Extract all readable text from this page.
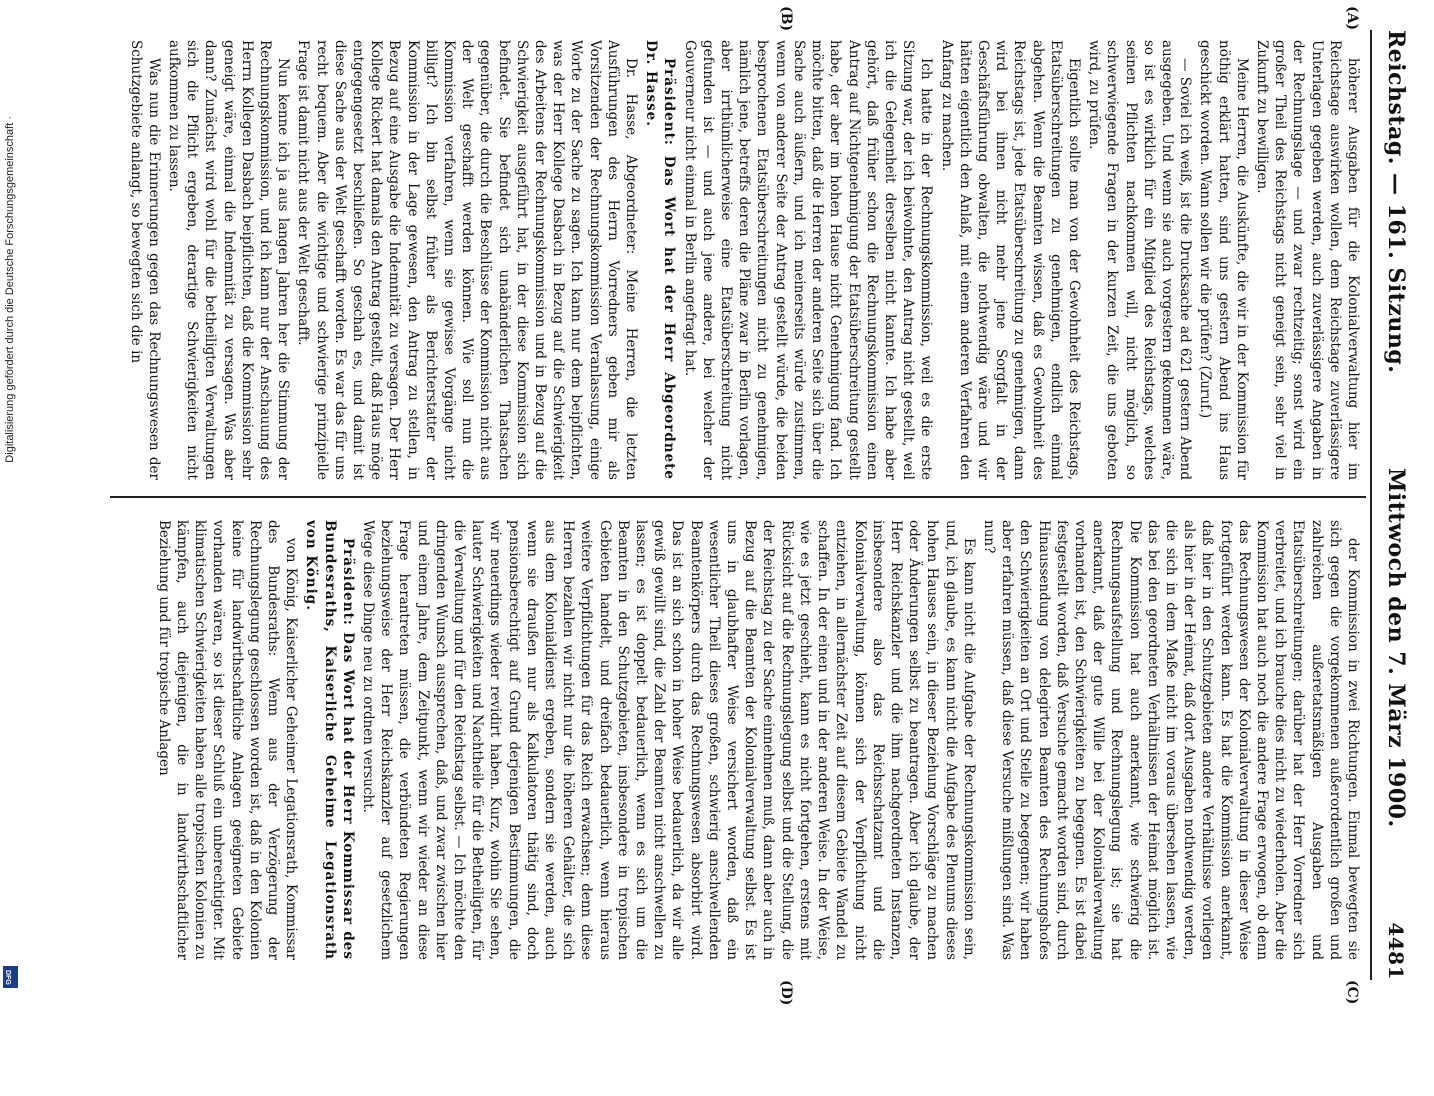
Reichstag. — 161. Sitzung.
Mittwoch den 7. März 1900.
4481
(A)
(B)
(C)
(D)

höherer Ausgaben für die Kolonialverwaltung hier im Reichstage auswirken wollen, dem Reichstage zuverlässigere Unterlagen gegeben werden, auch zuverlässigere Angaben in der Rechnungslage — und zwar rechtzeitig; sonst wird ein großer Theil des Reichstags nicht geneigt sein, sehr viel in Zukunft zu bewilligen.

Meine Herren, die Auskünfte, die wir in der Kommission für nöthig erklärt hatten, sind uns gestern Abend ins Haus geschickt worden. Wann sollen wir die prüfen? (Zuruf.)

— Soviel ich weiß, ist die Drucksache ad 621 gestern Abend ausgegeben. Und wenn sie auch vorgestern gekommen wäre, so ist es wirklich für ein Mitglied des Reichstags, welches seinen Pflichten nachkommen will, nicht möglich, so schwerwiegende Fragen in der kurzen Zeit, die uns geboten wird, zu prüfen.

Eigentlich sollte man von der Gewohnheit des Reichstags, Etatsüberschreitungen zu genehmigen, endlich einmal abgehen. Wenn die Beamten wissen, daß es Gewohnheit des Reichstags ist, jede Etatsüberschreitung zu genehmigen, dann wird bei ihnen nicht mehr jene Sorgfalt in der Geschäftsführung obwalten, die nothwendig wäre und wir hätten eigentlich den Anlaß, mit einem anderen Verfahren den Anfang zu machen.

Ich hatte in der Rechnungskommission, weil es die erste Sitzung war, der ich beiwohnte, den Antrag nicht gestellt, weil ich die Gelegenheit derselben nicht kannte. Ich habe aber gehört, daß früher schon die Rechnungskommission einen Antrag auf Nichtgenehmigung der Etatsüberschreitung gestellt habe, der aber im hohen Hause nicht Genehmigung fand. Ich möchte bitten, daß die Herren der anderen Seite sich über die Sache auch äußern, und ich meinerseits würde zustimmen, wenn von anderer Seite der Antrag gestellt würde, die beiden besprochenen Etatsüberschreitungen nicht zu genehmigen, nämlich jene, betreffs deren die Pläne zwar in Berlin vorlagen, aber irrthümlicherweise eine Etatsüberschreitung nicht gefunden ist — und auch jene andere, bei welcher der Gouverneur nicht einmal in Berlin angefragt hat.

Präsident: Das Wort hat der Herr Abgeordnete Dr. Hasse.

Dr. Hasse, Abgeordneter: Meine Herren, die letzten Ausführungen des Herrn Vorredners geben mir als Vorsitzenden der Rechnungskommission Veranlassung, einige Worte zu der Sache zu sagen. Ich kann nur dem beipflichten, was der Herr Kollege Dasbach in Bezug auf die Schwierigkeit des Arbeitens der Rechnungskommission und in Bezug auf die Schwierigkeit ausgeführt hat, in der diese Kommission sich befindet. Sie befindet sich unabänderlichen Thatsachen gegenüber, die durch die Beschlüsse der Kommission nicht aus der Welt geschafft werden können. Wie soll nun die Kommission verfahren, wenn sie gewisse Vorgänge nicht billigt? Ich bin selbst früher als Berichterstatter der Kommission in der Lage gewesen, den Antrag zu stellen, in Bezug auf eine Ausgabe die Indemnität zu versagen. Der Herr Kollege Rickert hat damals den Antrag gestellt, daß Haus möge entgegengesetzt beschließen. So geschah es, und damit ist diese Sache aus der Welt geschafft worden. Es war das für uns recht bequem. Aber die wichtige und schwierige prinzipielle Frage ist damit nicht aus der Welt geschafft.

Nun kenne ich ja aus langen Jahren her die Stimmung der Rechnungskommission, und ich kann nur der Anschauung des Herrn Kollegen Dasbach beipflichten, daß die Kommission sehr geneigt wäre, einmal die Indemnität zu versagen. Was aber dann? Zunächst wird wohl für die betheiligten Verwaltungen sich die Pflicht ergeben, derartige Schwierigkeiten nicht aufkommen zu lassen.

Was nun die Erinnerungen gegen das Rechnungswesen der Schutzgebiete anlangt, so bewegten sich die in

der Kommission in zwei Richtungen. Einmal bewegten sie sich gegen die vorgekommenen außerordentlich großen und zahlreichen außeretatsmäßigen Ausgaben und Etatsüberschreitungen; darüber hat der Herr Vorredner sich verbreitet, und ich brauche dies nicht zu wiederholen. Aber die Kommission hat auch noch die andere Frage erwogen, ob denn das Rechnungswesen der Kolonialverwaltung in dieser Weise fortgeführt werden kann. Es hat die Kommission anerkannt, daß hier in den Schutzgebieten andere Verhältnisse vorliegen als hier in der Heimat, daß dort Ausgaben nothwendig werden, die sich in dem Maße nicht im voraus übersehen lassen, wie das bei den geordneten Verhältnissen der Heimat möglich ist. Die Kommission hat auch anerkannt, wie schwierig die Rechnungsaufstellung und Rechnungslegung ist; sie hat anerkannt, daß der gute Wille bei der Kolonialverwaltung vorhanden ist, den Schwierigkeiten zu begegnen. Es ist dabei festgestellt worden, daß Versuche gemacht worden sind, durch Hinaussendung von delegirten Beamten des Rechnungshofes den Schwierigkeiten an Ort und Stelle zu begegnen; wir haben aber erfahren müssen, daß diese Versuche mißlungen sind. Was nun?

Es kann nicht die Aufgabe der Rechnungskommission sein, und, ich glaube, es kann nicht die Aufgabe des Plenums dieses hohen Hauses sein, in dieser Beziehung Vorschläge zu machen oder Änderungen selbst zu beantragen. Aber ich glaube, der Herr Reichskanzler und die ihm nachgeordneten Instanzen, insbesondere also das Reichsschatzamt und die Kolonialverwaltung, können sich der Verpflichtung nicht entziehen, in allernächster Zeit auf diesem Gebiete Wandel zu schaffen. In der einen und in der anderen Weise. In der Weise, wie es jetzt geschieht, kann es nicht fortgehen, erstens mit Rücksicht auf die Rechnungslegung selbst und die Stellung, die der Reichstag zu der Sache einnehmen muß, dann aber auch in Bezug auf die Beamten der Kolonialverwaltung selbst. Es ist uns in glaubhafter Weise versichert worden, daß ein wesentlicher Theil dieses großen, schwierig anschwellenden Beamtenkörpers durch das Rechnungswesen absorbirt wird. Das ist an sich schon in hoher Weise bedauerlich, da wir alle gewiß gewillt sind, die Zahl der Beamten nicht anschwellen zu lassen; es ist doppelt bedauerlich, wenn es sich um die Beamten in den Schutzgebieten, insbesondere in tropischen Gebieten handelt, und dreifach bedauerlich, wenn hieraus weitere Verpflichtungen für das Reich erwachsen; denn diese Herren bezahlen wir nicht nur die höheren Gehälter, die sich aus dem Kolonialdienst ergeben, sondern sie werden, auch wenn sie draußen nur als Kalkulatoren thätig sind, doch pensionsberechtigt auf Grund derjenigen Bestimmungen, die wir neuerdings wieder revidirt haben. Kurz, wohin Sie sehen, lauter Schwierigkeiten und Nachtheile für die Betheiligten, für die Verwaltung und für den Reichstag selbst. — Ich möchte den dringenden Wunsch aussprechen, daß, und zwar zwischen hier und einem Jahre, dem Zeitpunkt, wenn wir wieder an diese Frage herantreten müssen, die verbündeten Regierungen beziehungsweise der Herr Reichskanzler auf gesetzlichem Wege diese Dinge neu zu ordnen versucht.

Präsident: Das Wort hat der Herr Kommissar des Bundesraths, Kaiserliche Geheime Legationsrath von König.

von König, Kaiserlicher Geheimer Legationsrath, Kommissar des Bundesraths: Wenn aus der Verzögerung der Rechnungslegung geschlossen worden ist, daß in den Kolonien keine für landwirthschaftliche Anlagen geeigneten Gebiete vorhanden wären, so ist dieser Schluß ein unberechtigter. Mit klimatischen Schwierigkeiten haben alle tropischen Kolonien zu kämpfen, auch diejenigen, die in landwirthschaftlicher Beziehung und für tropische Anlagen

Digitalisierung gefördert durch die Deutsche Forschungsgemeinschaft ·
DFG
